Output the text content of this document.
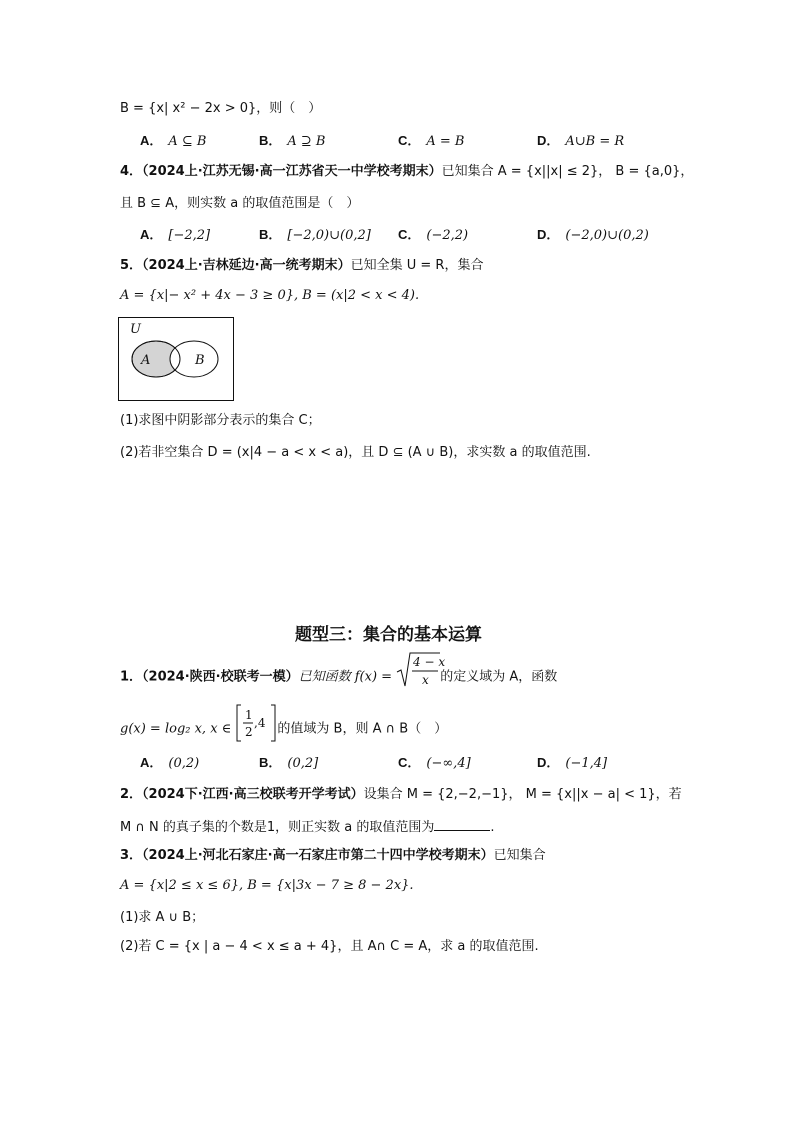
B = {x| x² − 2x > 0}，则（　）
A． A ⊆ B	B． A ⊇ B	C． A = B	D． A∪B = R
4．（2024上·江苏无锡·高一江苏省天一中学校考期末）已知集合 A = {x||x| ≤ 2}， B = {a,0}，
且 B ⊆ A，则实数 a 的取值范围是（　）
A． [−2,2]	B． [−2,0)∪(0,2] C． (−2,2)	D． (−2,0)∪(0,2)
5．（2024上·吉林延边·高一统考期末）已知全集 U = R，集合
A = {x|− x² + 4x − 3 ≥ 0}, B = (x|2 < x < 4).
U
A	B
(1)求图中阴影部分表示的集合 C；
(2)若非空集合 D = (x|4 − a < x < a)，且 D ⊆ (A ∪ B)，求实数 a 的取值范围.
题型三：集合的基本运算
1．（2024·陕西·校联考一模）已知函数 f(x) =
4 − x
x 的定义域为 A，函数
g(x) = log₂ x, x ∈
1
2
,4 的值域为 B，则 A ∩ B（　）
A． (0,2)	B． (0,2]	C． (−∞,4]	D． (−1,4]
2．（2024下·江西·高三校联考开学考试）设集合 M = {2,−2,−1}， M = {x||x − a| < 1}，若
M ∩ N 的真子集的个数是1，则正实数 a 的取值范围为	.
3．（2024上·河北石家庄·高一石家庄市第二十四中学校考期末）已知集合
A = {x|2 ≤ x ≤ 6}, B = {x|3x − 7 ≥ 8 − 2x}.
(1)求 A ∪ B；
(2)若 C = {x | a − 4 < x ≤ a + 4}，且 A∩ C = A，求 a 的取值范围.
